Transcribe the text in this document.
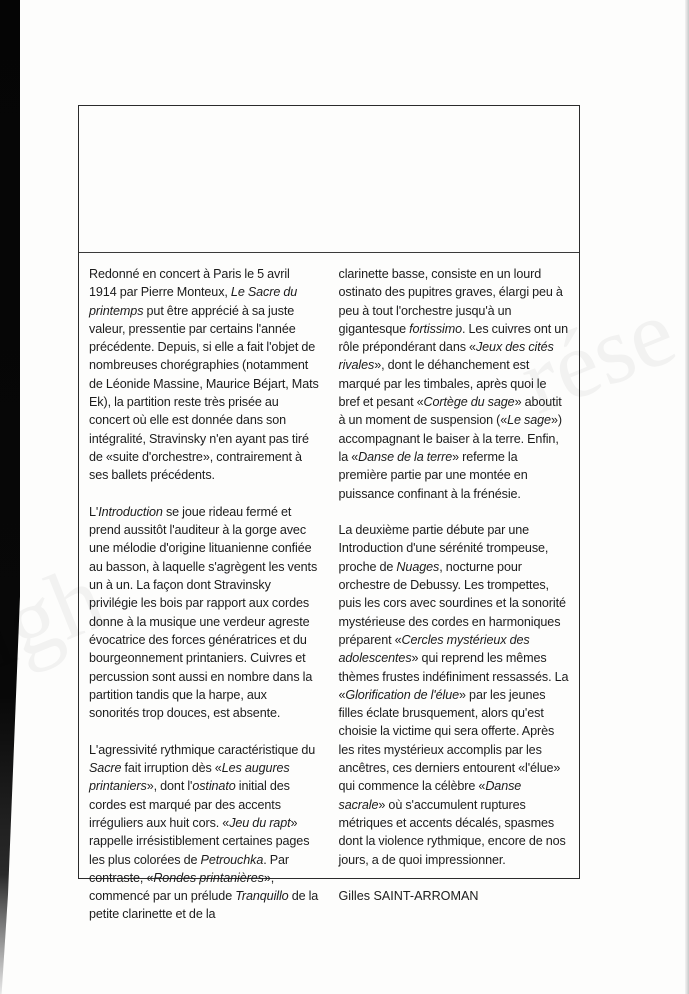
Redonné en concert à Paris le 5 avril 1914 par Pierre Monteux, Le Sacre du printemps put être apprécié à sa juste valeur, pressentie par certains l'année précédente. Depuis, si elle a fait l'objet de nombreuses chorégraphies (notamment de Léonide Massine, Maurice Béjart, Mats Ek), la partition reste très prisée au concert où elle est donnée dans son intégralité, Stravinsky n'en ayant pas tiré de «suite d'orchestre», contrairement à ses ballets précédents.

L'Introduction se joue rideau fermé et prend aussitôt l'auditeur à la gorge avec une mélodie d'origine lituanienne confiée au basson, à laquelle s'agrègent les vents un à un. La façon dont Stravinsky privilégie les bois par rapport aux cordes donne à la musique une verdeur agreste évocatrice des forces génératrices et du bourgeonnement printaniers. Cuivres et percussion sont aussi en nombre dans la partition tandis que la harpe, aux sonorités trop douces, est absente.

L'agressivité rythmique caractéristique du Sacre fait irruption dès «Les augures printaniers», dont l'ostinato initial des cordes est marqué par des accents irréguliers aux huit cors. «Jeu du rapt» rappelle irrésistiblement certaines pages les plus colorées de Petrouchka. Par contraste, «Rondes printanières», commencé par un prélude Tranquillo de la petite clarinette et de la

clarinette basse, consiste en un lourd ostinato des pupitres graves, élargi peu à peu à tout l'orchestre jusqu'à un gigantesque fortissimo. Les cuivres ont un rôle prépondérant dans «Jeux des cités rivales», dont le déhanchement est marqué par les timbales, après quoi le bref et pesant «Cortège du sage» aboutit à un moment de suspension («Le sage») accompagnant le baiser à la terre. Enfin, la «Danse de la terre» referme la première partie par une montée en puissance confinant à la frénésie.

La deuxième partie débute par une Introduction d'une sérénité trompeuse, proche de Nuages, nocturne pour orchestre de Debussy. Les trompettes, puis les cors avec sourdines et la sonorité mystérieuse des cordes en harmoniques préparent «Cercles mystérieux des adolescentes» qui reprend les mêmes thèmes frustes indéfiniment ressassés. La «Glorification de l'élue» par les jeunes filles éclate brusquement, alors qu'est choisie la victime qui sera offerte. Après les rites mystérieux accomplis par les ancêtres, ces derniers entourent «l'élue» qui commence la célèbre «Danse sacrale» où s'accumulent ruptures métriques et accents décalés, spasmes dont la violence rythmique, encore de nos jours, a de quoi impressionner.

Gilles SAINT-ARROMAN
